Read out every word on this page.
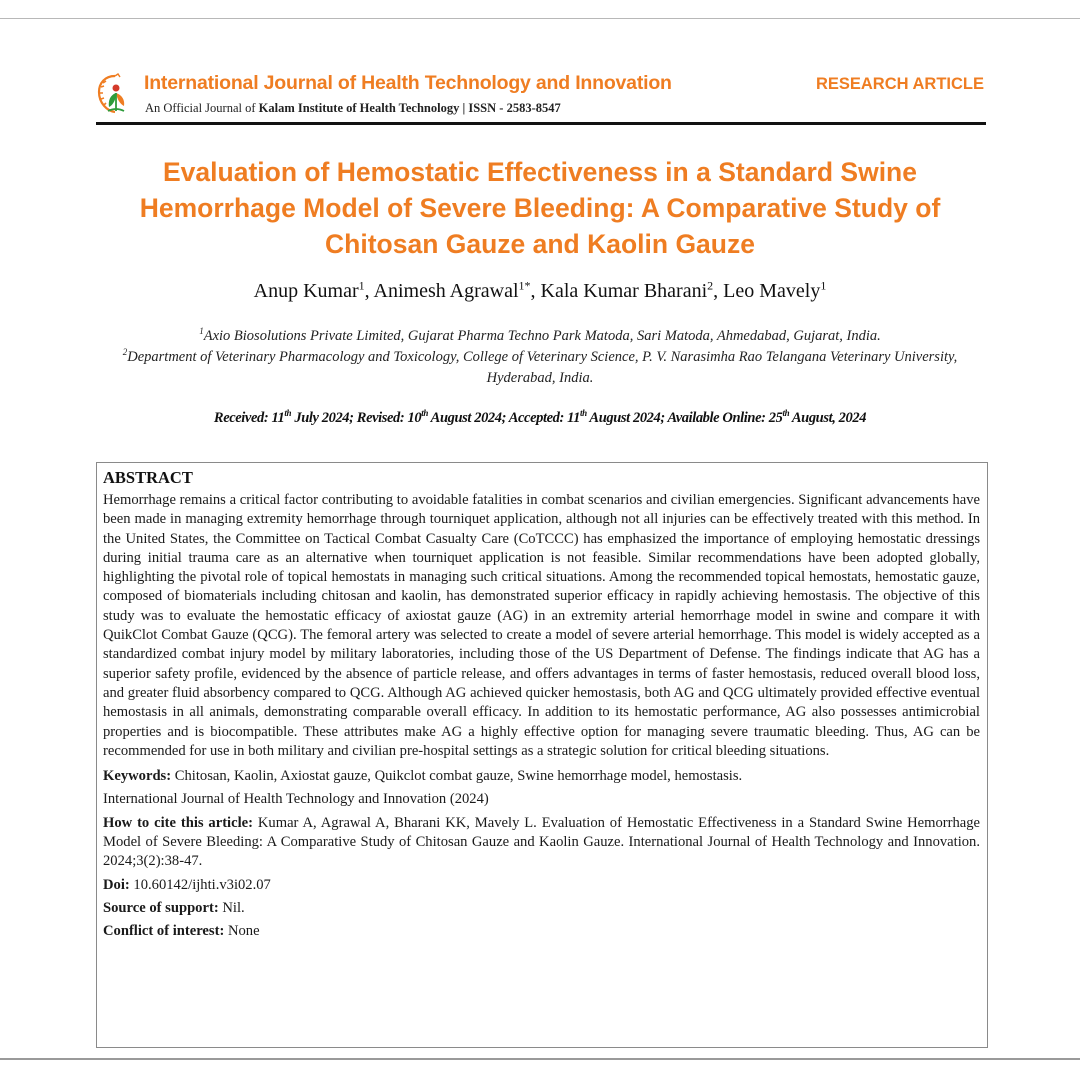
International Journal of Health Technology and Innovation
An Official Journal of Kalam Institute of Health Technology | ISSN - 2583-8547
RESEARCH ARTICLE
Evaluation of Hemostatic Effectiveness in a Standard Swine Hemorrhage Model of Severe Bleeding: A Comparative Study of Chitosan Gauze and Kaolin Gauze

Anup Kumar$^1$, Animesh Agrawal$^{1*}$, Kala Kumar Bharani$^2$, Leo Mavely$^1$

$^1$Axio Biosolutions Private Limited, Gujarat Pharma Techno Park Matoda, Sari Matoda, Ahmedabad, Gujarat, India.
$^2$Department of Veterinary Pharmacology and Toxicology, College of Veterinary Science, P. V. Narasimha Rao Telangana Veterinary University, Hyderabad, India.

Received: 11th July 2024; Revised: 10th August 2024; Accepted: 11th August 2024; Available Online: 25th August, 2024

ABSTRACT

Hemorrhage remains a critical factor contributing to avoidable fatalities in combat scenarios and civilian emergencies. Significant advancements have been made in managing extremity hemorrhage through tourniquet application, although not all injuries can be effectively treated with this method. In the United States, the Committee on Tactical Combat Casualty Care (CoTCCC) has emphasized the importance of employing hemostatic dressings during initial trauma care as an alternative when tourniquet application is not feasible. Similar recommendations have been adopted globally, highlighting the pivotal role of topical hemostats in managing such critical situations. Among the recommended topical hemostats, hemostatic gauze, composed of biomaterials including chitosan and kaolin, has demonstrated superior efficacy in rapidly achieving hemostasis. The objective of this study was to evaluate the hemostatic efficacy of axiostat gauze (AG) in an extremity arterial hemorrhage model in swine and compare it with QuikClot Combat Gauze (QCG). The femoral artery was selected to create a model of severe arterial hemorrhage. This model is widely accepted as a standardized combat injury model by military laboratories, including those of the US Department of Defense. The findings indicate that AG has a superior safety profile, evidenced by the absence of particle release, and offers advantages in terms of faster hemostasis, reduced overall blood loss, and greater fluid absorbency compared to QCG. Although AG achieved quicker hemostasis, both AG and QCG ultimately provided effective eventual hemostasis in all animals, demonstrating comparable overall efficacy. In addition to its hemostatic performance, AG also possesses antimicrobial properties and is biocompatible. These attributes make AG a highly effective option for managing severe traumatic bleeding. Thus, AG can be recommended for use in both military and civilian pre-hospital settings as a strategic solution for critical bleeding situations.

Keywords: Chitosan, Kaolin, Axiostat gauze, Quikclot combat gauze, Swine hemorrhage model, hemostasis.

International Journal of Health Technology and Innovation (2024)

How to cite this article: Kumar A, Agrawal A, Bharani KK, Mavely L. Evaluation of Hemostatic Effectiveness in a Standard Swine Hemorrhage Model of Severe Bleeding: A Comparative Study of Chitosan Gauze and Kaolin Gauze. International Journal of Health Technology and Innovation. 2024;3(2):38-47.

Doi: 10.60142/ijhti.v3i02.07

Source of support: Nil.

Conflict of interest: None
